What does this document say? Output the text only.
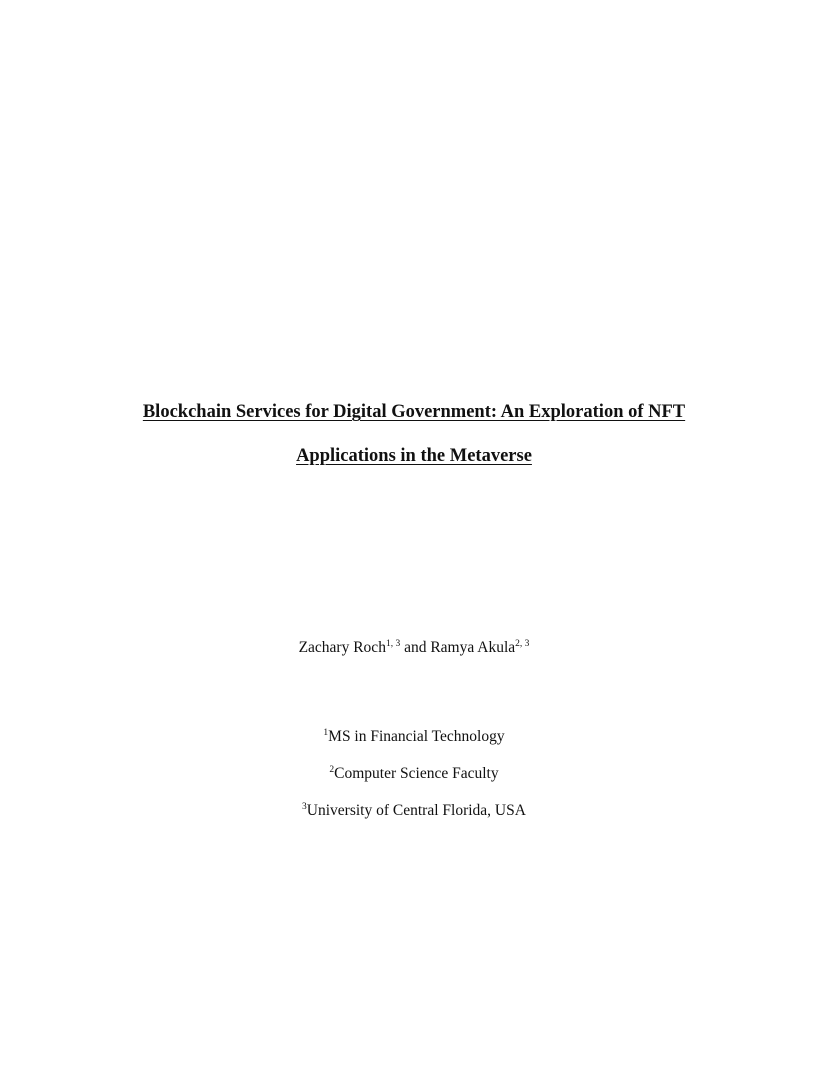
Blockchain Services for Digital Government: An Exploration of NFT
Applications in the Metaverse
Zachary Roch$^{1, 3}$ and Ramya Akula$^{2, 3}$
$^1$MS in Financial Technology
$^2$Computer Science Faculty
$^3$University of Central Florida, USA
